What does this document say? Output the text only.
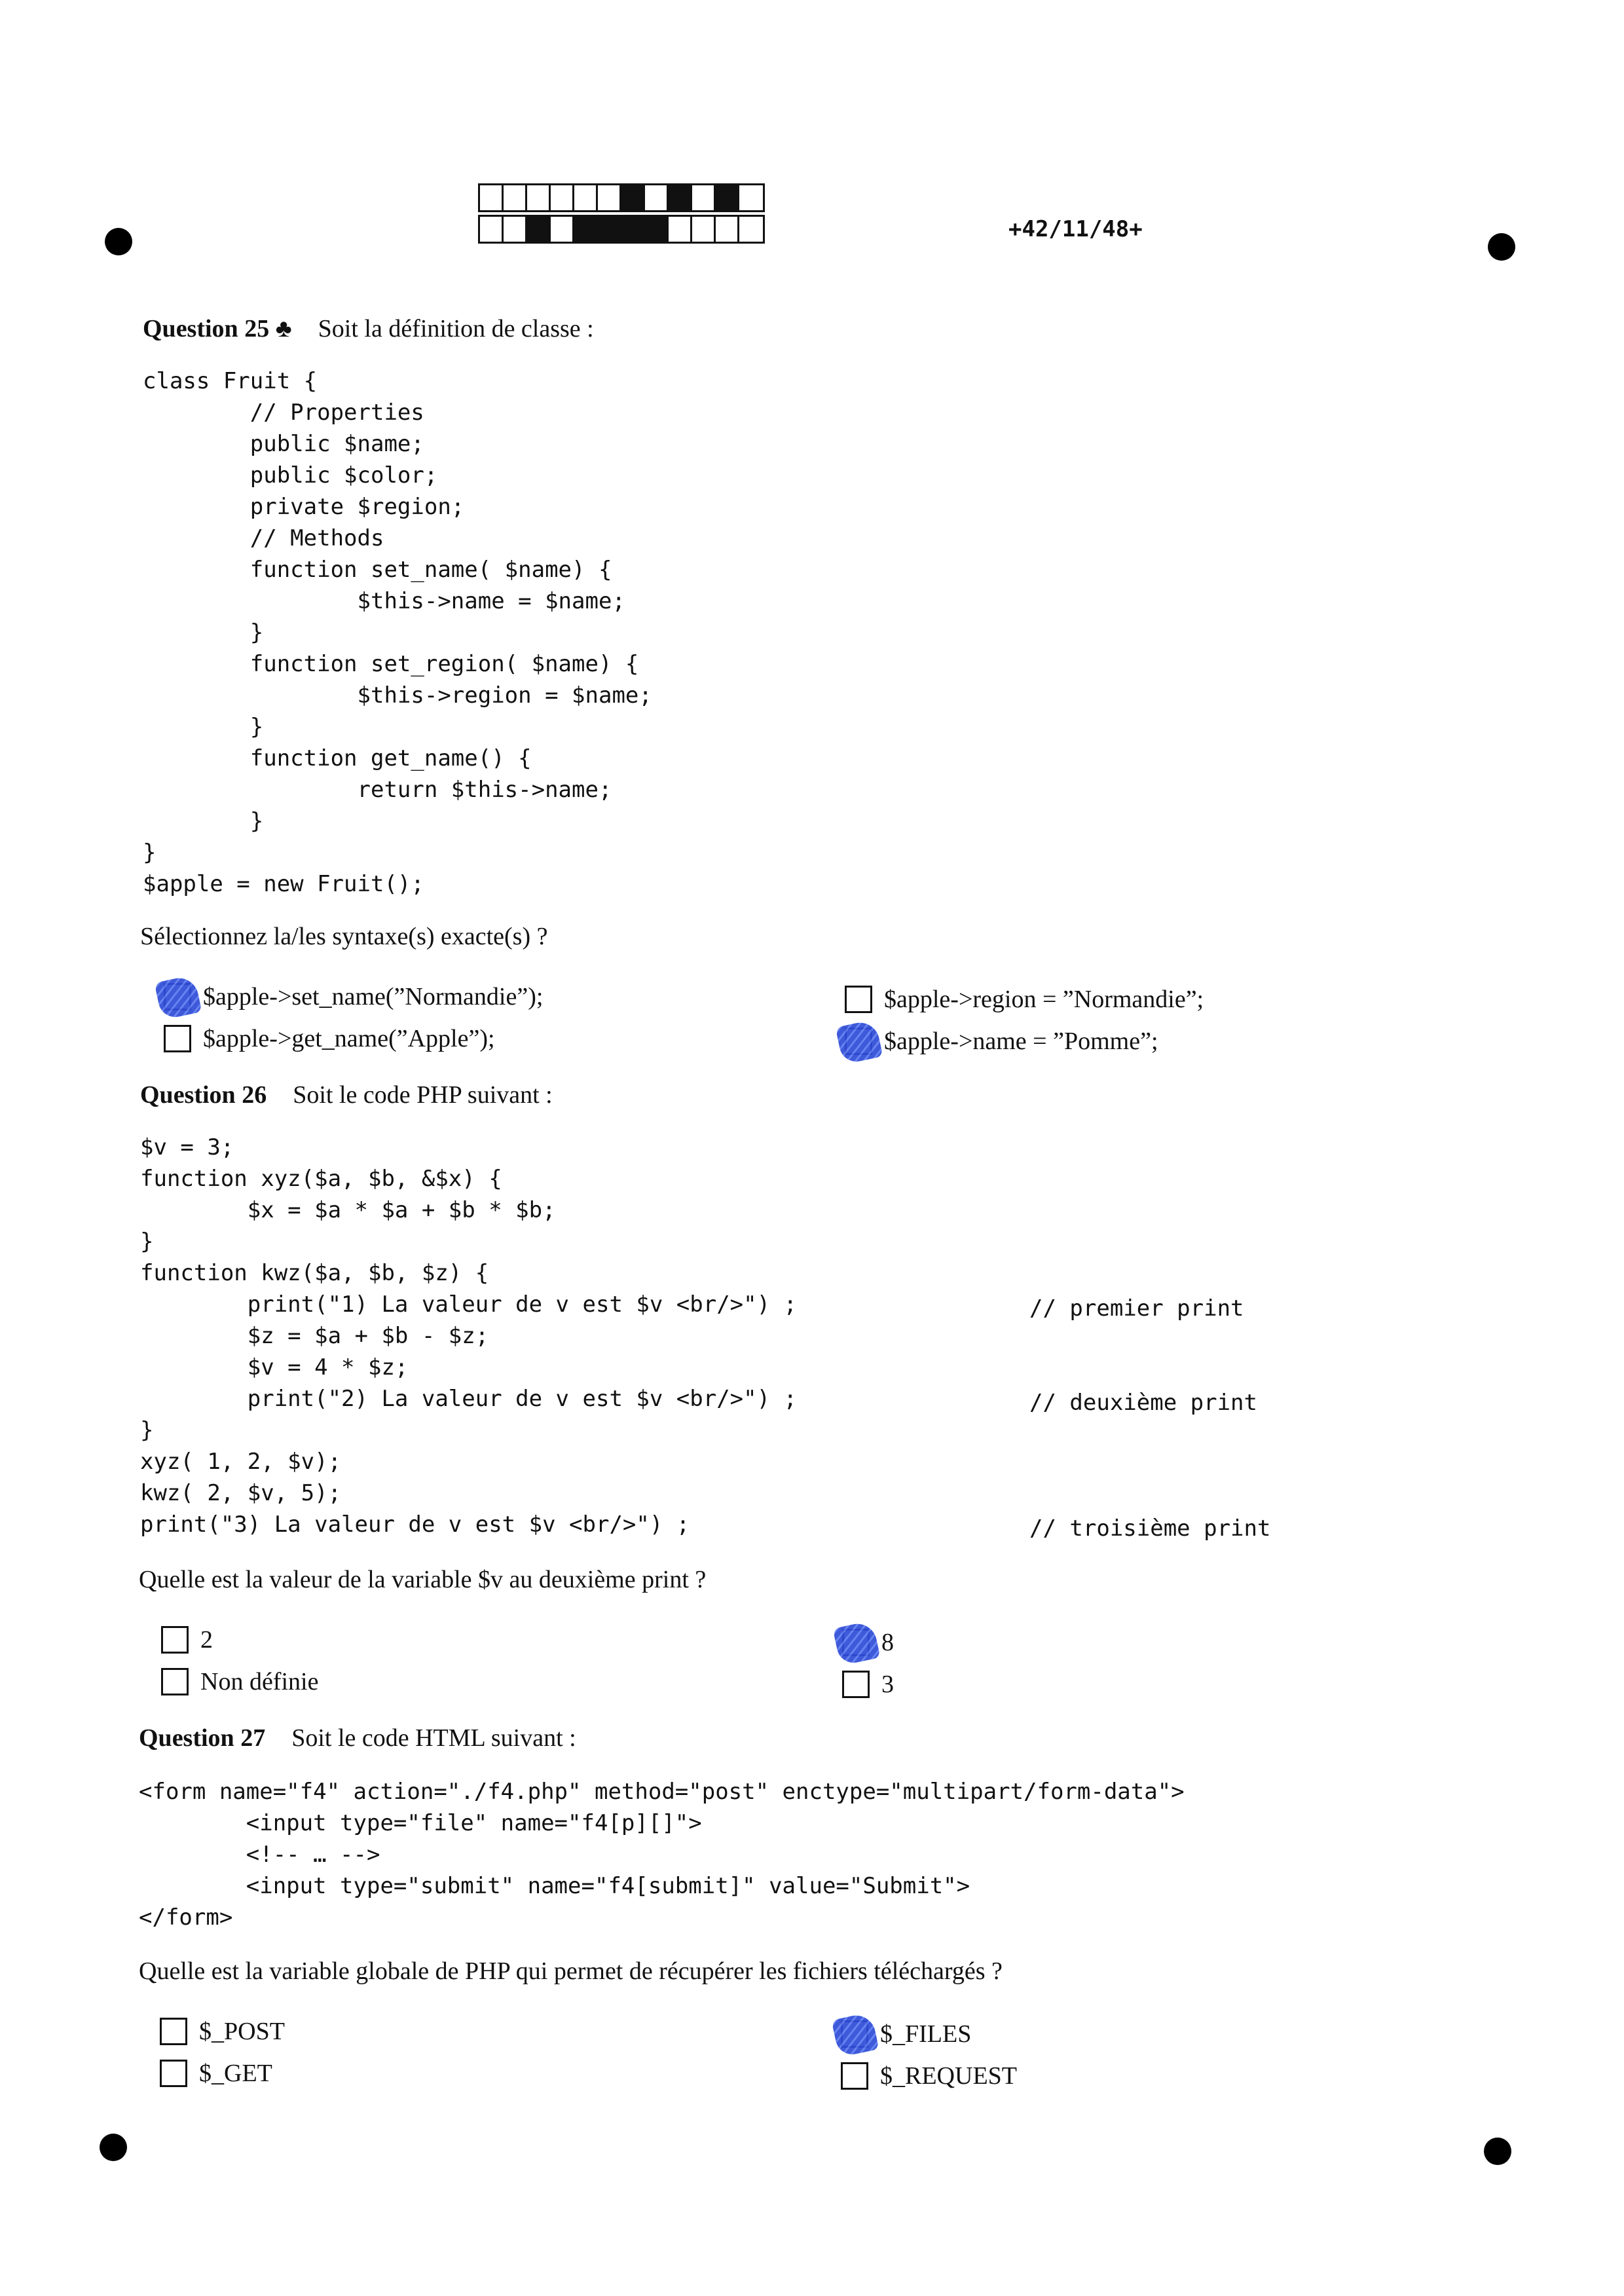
+42/11/48+
Question 25 ♣ Soit la définition de classe :
class Fruit {
// Properties
public $name;
public $color;
private $region;
// Methods
function set_name( $name) {
$this->name = $name;
}
function set_region( $name) {
$this->region = $name;
}
function get_name() {
return $this->name;
}
}
$apple = new Fruit();
Sélectionnez la/les syntaxe(s) exacte(s) ?
$apple->set_name(”Normandie”);
$apple->get_name(”Apple”);
$apple->region = ”Normandie”;
$apple->name = ”Pomme”;
Question 26 Soit le code PHP suivant :
$v = 3;
function xyz($a, $b, &$x) {
$x = $a * $a + $b * $b;
}
function kwz($a, $b, $z) {
print("1) La valeur de v est $v <br/>") ;
$z = $a + $b - $z;
$v = 4 * $z;
print("2) La valeur de v est $v <br/>") ;
}
xyz( 1, 2, $v);
kwz( 2, $v, 5);
print("3) La valeur de v est $v <br/>") ;
// premier print
// deuxième print
// troisième print
Quelle est la valeur de la variable $v au deuxième print ?
2
Non définie
8
3
Question 27 Soit le code HTML suivant :
<form name="f4" action="./f4.php" method="post" enctype="multipart/form-data">
<input type="file" name="f4[p][]">
<!-- … -->
<input type="submit" name="f4[submit]" value="Submit">
</form>
Quelle est la variable globale de PHP qui permet de récupérer les fichiers téléchargés ?
$_POST
$_GET
$_FILES
$_REQUEST
